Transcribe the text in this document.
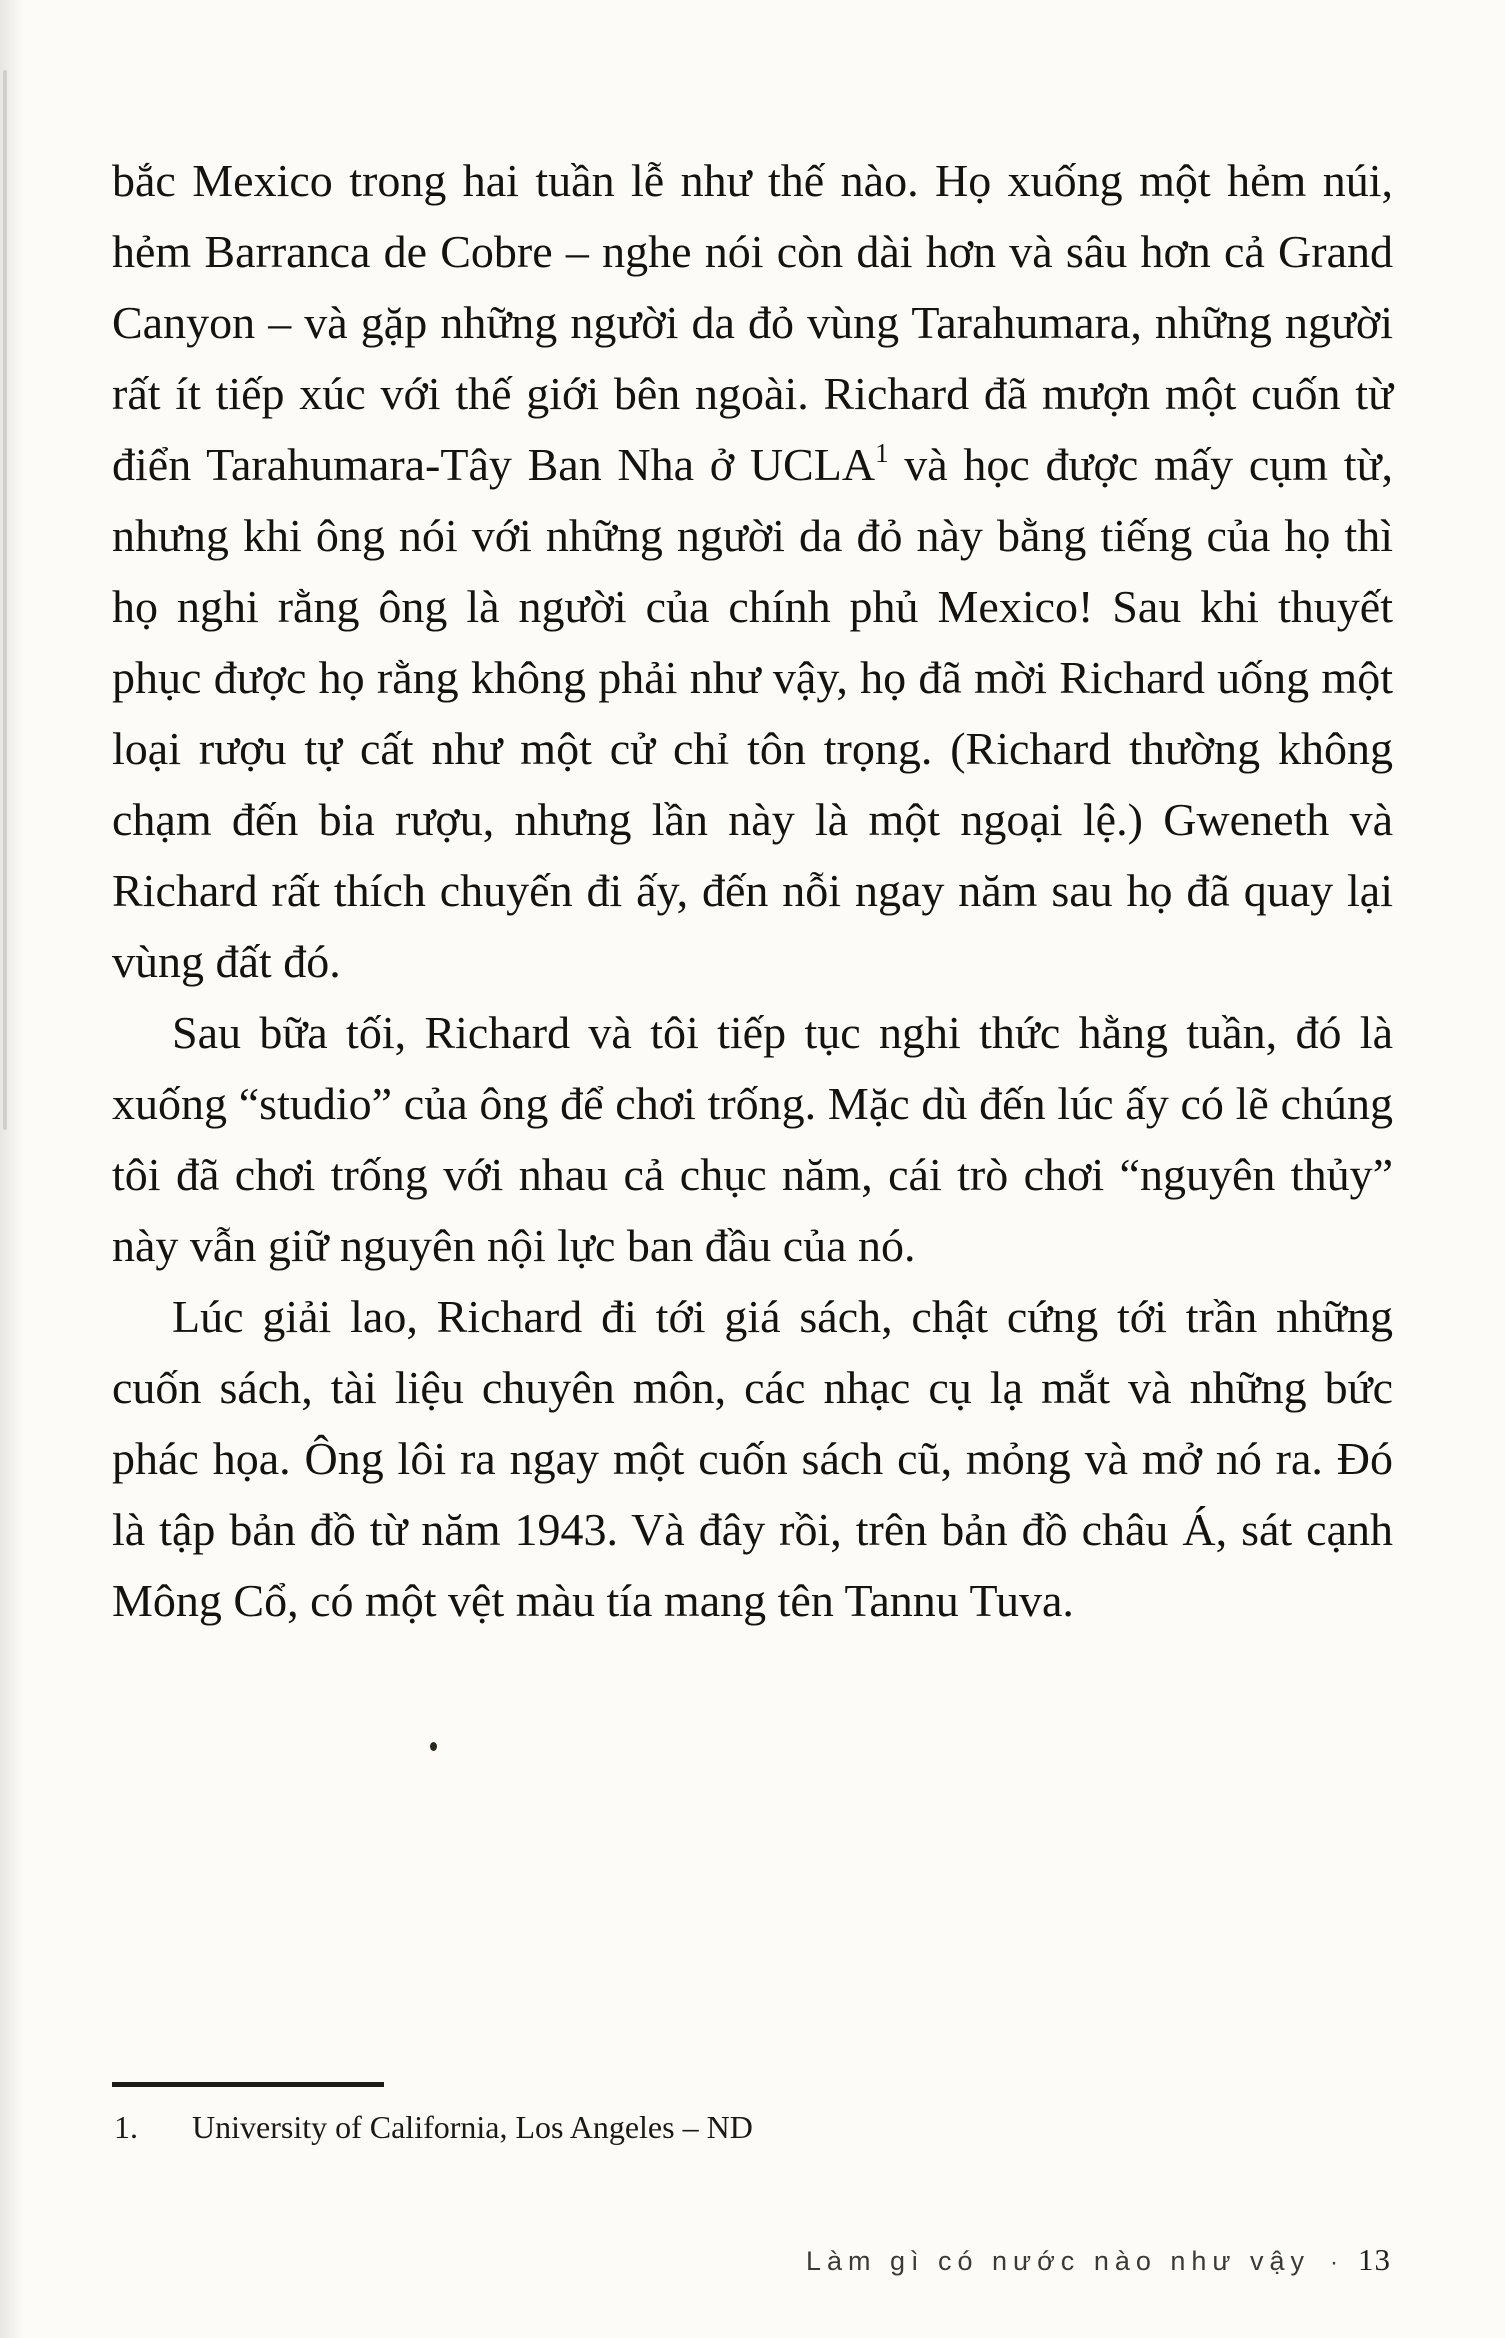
bắc Mexico trong hai tuần lễ như thế nào. Họ xuống một hẻm núi, hẻm Barranca de Cobre – nghe nói còn dài hơn và sâu hơn cả Grand Canyon – và gặp những người da đỏ vùng Tarahumara, những người rất ít tiếp xúc với thế giới bên ngoài. Richard đã mượn một cuốn từ điển Tarahumara-Tây Ban Nha ở UCLA$^1$ và học được mấy cụm từ, nhưng khi ông nói với những người da đỏ này bằng tiếng của họ thì họ nghi rằng ông là người của chính phủ Mexico! Sau khi thuyết phục được họ rằng không phải như vậy, họ đã mời Richard uống một loại rượu tự cất như một cử chỉ tôn trọng. (Richard thường không chạm đến bia rượu, nhưng lần này là một ngoại lệ.) Gweneth và Richard rất thích chuyến đi ấy, đến nỗi ngay năm sau họ đã quay lại vùng đất đó.

Sau bữa tối, Richard và tôi tiếp tục nghi thức hằng tuần, đó là xuống “studio” của ông để chơi trống. Mặc dù đến lúc ấy có lẽ chúng tôi đã chơi trống với nhau cả chục năm, cái trò chơi “nguyên thủy” này vẫn giữ nguyên nội lực ban đầu của nó.

Lúc giải lao, Richard đi tới giá sách, chật cứng tới trần những cuốn sách, tài liệu chuyên môn, các nhạc cụ lạ mắt và những bức phác họa. Ông lôi ra ngay một cuốn sách cũ, mỏng và mở nó ra. Đó là tập bản đồ từ năm 1943. Và đây rồi, trên bản đồ châu Á, sát cạnh Mông Cổ, có một vệt màu tía mang tên Tannu Tuva.

1. University of California, Los Angeles – ND
Làm gì có nước nào như vậy · 13
